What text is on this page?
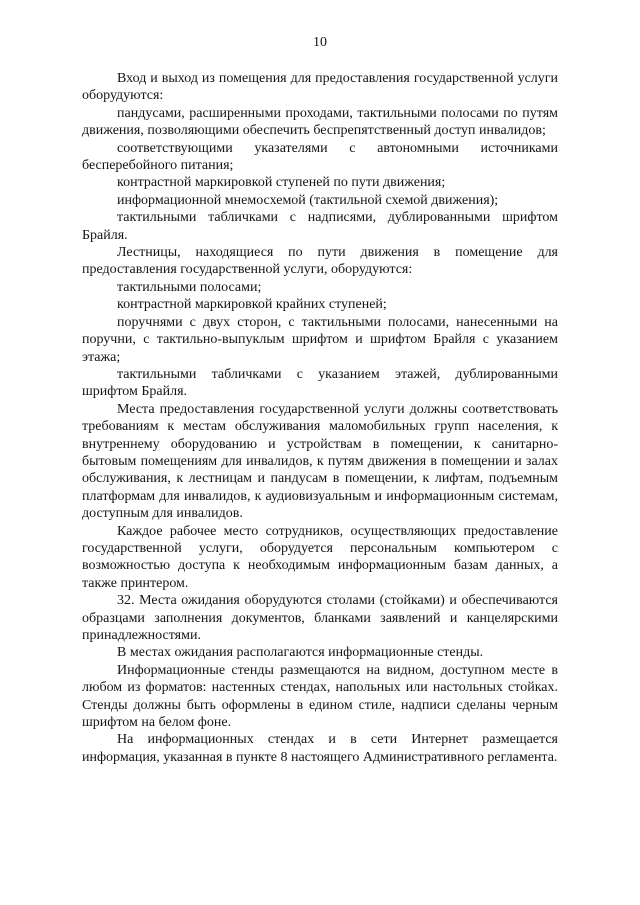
10

Вход и выход из помещения для предоставления государственной услуги оборудуются:

пандусами, расширенными проходами, тактильными полосами по путям движения, позволяющими обеспечить беспрепятственный доступ инвалидов;

соответствующими указателями с автономными источниками бесперебойного питания;

контрастной маркировкой ступеней по пути движения;

информационной мнемосхемой (тактильной схемой движения);

тактильными табличками с надписями, дублированными шрифтом Брайля.

Лестницы, находящиеся по пути движения в помещение для предоставления государственной услуги, оборудуются:

тактильными полосами;

контрастной маркировкой крайних ступеней;

поручнями с двух сторон, с тактильными полосами, нанесенными на поручни, с тактильно-выпуклым шрифтом и шрифтом Брайля с указанием этажа;

тактильными табличками с указанием этажей, дублированными шрифтом Брайля.

Места предоставления государственной услуги должны соответствовать требованиям к местам обслуживания маломобильных групп населения, к внутреннему оборудованию и устройствам в помещении, к санитарно-бытовым помещениям для инвалидов, к путям движения в помещении и залах обслуживания, к лестницам и пандусам в помещении, к лифтам, подъемным платформам для инвалидов, к аудиовизуальным и информационным системам, доступным для инвалидов.

Каждое рабочее место сотрудников, осуществляющих предоставление государственной услуги, оборудуется персональным компьютером с возможностью доступа к необходимым информационным базам данных, а также принтером.

32. Места ожидания оборудуются столами (стойками) и обеспечиваются образцами заполнения документов, бланками заявлений и канцелярскими принадлежностями.

В местах ожидания располагаются информационные стенды.

Информационные стенды размещаются на видном, доступном месте в любом из форматов: настенных стендах, напольных или настольных стойках. Стенды должны быть оформлены в едином стиле, надписи сделаны черным шрифтом на белом фоне.

На информационных стендах и в сети Интернет размещается информация, указанная в пункте 8 настоящего Административного регламента.
